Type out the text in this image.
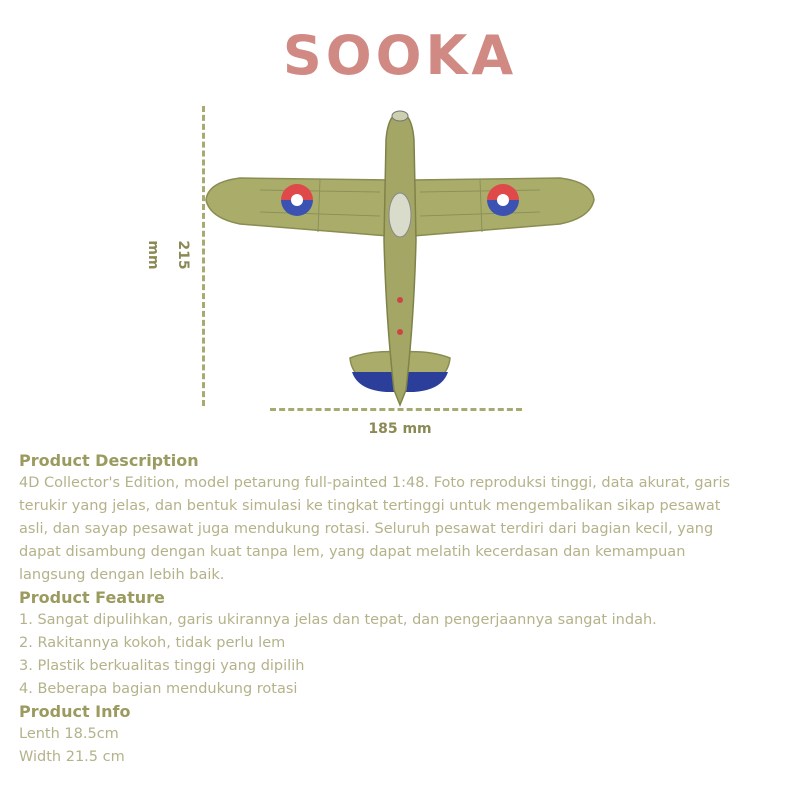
SOOKA
215 mm
185 mm
Product Description
4D Collector's Edition, model petarung full-painted 1:48. Foto reproduksi tinggi, data akurat, garis
terukir yang jelas, dan bentuk simulasi ke tingkat tertinggi untuk mengembalikan sikap pesawat
asli, dan sayap pesawat juga mendukung rotasi. Seluruh pesawat terdiri dari bagian kecil, yang
dapat disambung dengan kuat tanpa lem, yang dapat melatih kecerdasan dan kemampuan
langsung dengan lebih baik.
Product Feature
1. Sangat dipulihkan, garis ukirannya jelas dan tepat, dan pengerjaannya sangat indah.
2. Rakitannya kokoh, tidak perlu lem
3. Plastik berkualitas tinggi yang dipilih
4. Beberapa bagian mendukung rotasi
Product Info
Lenth 18.5cm
Width 21.5 cm
